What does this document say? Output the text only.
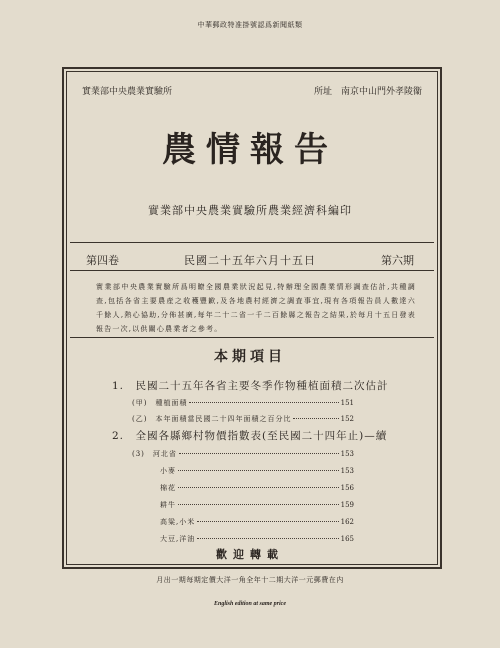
中華郵政特准掛號認爲新聞紙類
實業部中央農業實驗所	所址　南京中山門外孝陵衞
農情報告
實業部中央農業實驗所農業經濟科編印
第四卷	民國二十五年六月十五日	第六期
實業部中央農業實驗所爲明瞭全國農業狀況起見,特辦理全國農業情形調查估計,共種調查,包括各省主要農産之收穫豐歉,及各地農村經濟之調査事宜,現有各項報告員人數達六千餘人,熱心協助,分佈甚廣,每年二十二省一千二百餘縣之報告之結果,於每月十五日發表報告一次,以供關心農業者之參考。
本期項目
1.　民國二十五年各省主要冬季作物種植面積二次估計
(甲)　種植面積	151
(乙)　本年面積當民國二十四年面積之百分比	152
2.　全國各縣鄉村物價指數表(至民國二十四年止)—續
(3)　河北省	153
小麥	153
棉花	156
耕牛	159
高粱,小米	162
大豆,洋油	165
歡迎轉載
月出一期每期定價大洋一角全年十二期大洋一元郵費在内
English edition at same price
